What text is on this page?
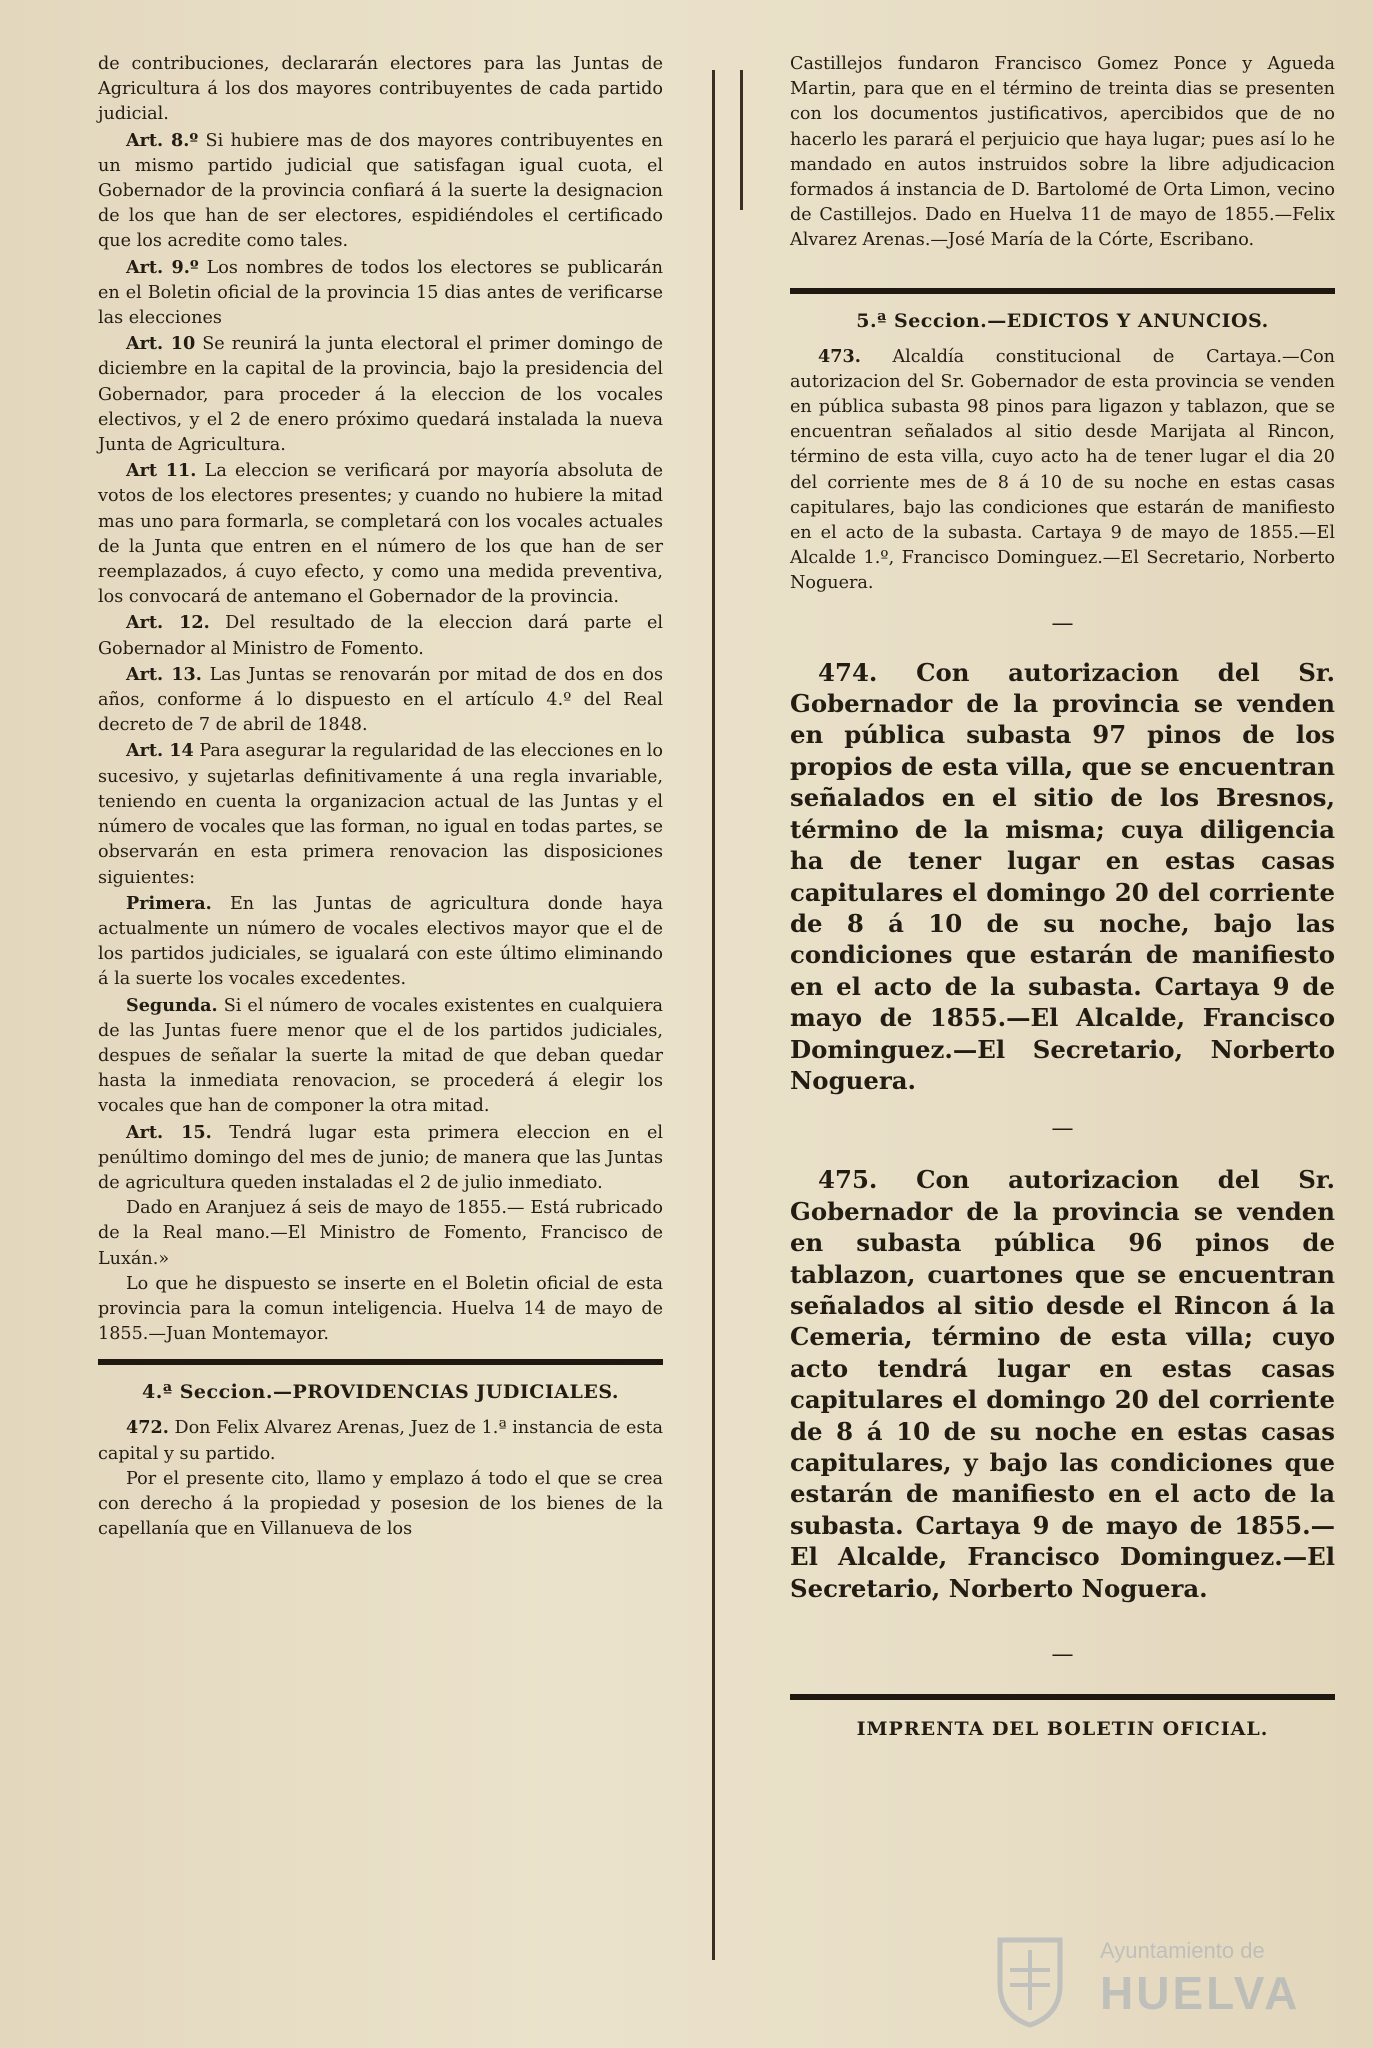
de contribuciones, declararán electores para las Juntas de Agricultura á los dos mayores contribuyentes de cada partido judicial.

Art. 8.º Si hubiere mas de dos mayores contribuyentes en un mismo partido judicial que satisfagan igual cuota, el Gobernador de la provincia confiará á la suerte la designacion de los que han de ser electores, espidiéndoles el certificado que los acredite como tales.

Art. 9.º Los nombres de todos los electores se publicarán en el Boletin oficial de la provincia 15 dias antes de verificarse las elecciones

Art. 10 Se reunirá la junta electoral el primer domingo de diciembre en la capital de la provincia, bajo la presidencia del Gobernador, para proceder á la eleccion de los vocales electivos, y el 2 de enero próximo quedará instalada la nueva Junta de Agricultura.

Art 11. La eleccion se verificará por mayoría absoluta de votos de los electores presentes; y cuando no hubiere la mitad mas uno para formarla, se completará con los vocales actuales de la Junta que entren en el número de los que han de ser reemplazados, á cuyo efecto, y como una medida preventiva, los convocará de antemano el Gobernador de la provincia.

Art. 12. Del resultado de la eleccion dará parte el Gobernador al Ministro de Fomento.

Art. 13. Las Juntas se renovarán por mitad de dos en dos años, conforme á lo dispuesto en el artículo 4.º del Real decreto de 7 de abril de 1848.

Art. 14 Para asegurar la regularidad de las elecciones en lo sucesivo, y sujetarlas definitivamente á una regla invariable, teniendo en cuenta la organizacion actual de las Juntas y el número de vocales que las forman, no igual en todas partes, se observarán en esta primera renovacion las disposiciones siguientes:

Primera. En las Juntas de agricultura donde haya actualmente un número de vocales electivos mayor que el de los partidos judiciales, se igualará con este último eliminando á la suerte los vocales excedentes.

Segunda. Si el número de vocales existentes en cualquiera de las Juntas fuere menor que el de los partidos judiciales, despues de señalar la suerte la mitad de que deban quedar hasta la inmediata renovacion, se procederá á elegir los vocales que han de componer la otra mitad.

Art. 15. Tendrá lugar esta primera eleccion en el penúltimo domingo del mes de junio; de manera que las Juntas de agricultura queden instaladas el 2 de julio inmediato.

Dado en Aranjuez á seis de mayo de 1855.— Está rubricado de la Real mano.—El Ministro de Fomento, Francisco de Luxán.»

Lo que he dispuesto se inserte en el Boletin oficial de esta provincia para la comun inteligencia. Huelva 14 de mayo de 1855.—Juan Montemayor.

4.ª Seccion.—PROVIDENCIAS JUDICIALES.

472. Don Felix Alvarez Arenas, Juez de 1.ª instancia de esta capital y su partido.

Por el presente cito, llamo y emplazo á todo el que se crea con derecho á la propiedad y posesion de los bienes de la capellanía que en Villanueva de los

Castillejos fundaron Francisco Gomez Ponce y Agueda Martin, para que en el término de treinta dias se presenten con los documentos justificativos, apercibidos que de no hacerlo les parará el perjuicio que haya lugar; pues así lo he mandado en autos instruidos sobre la libre adjudicacion formados á instancia de D. Bartolomé de Orta Limon, vecino de Castillejos. Dado en Huelva 11 de mayo de 1855.—Felix Alvarez Arenas.—José María de la Córte, Escribano.

5.ª Seccion.—EDICTOS Y ANUNCIOS.

473. Alcaldía constitucional de Cartaya.—Con autorizacion del Sr. Gobernador de esta provincia se venden en pública subasta 98 pinos para ligazon y tablazon, que se encuentran señalados al sitio desde Marijata al Rincon, término de esta villa, cuyo acto ha de tener lugar el dia 20 del corriente mes de 8 á 10 de su noche en estas casas capitulares, bajo las condiciones que estarán de manifiesto en el acto de la subasta. Cartaya 9 de mayo de 1855.—El Alcalde 1.º, Francisco Dominguez.—El Secretario, Norberto Noguera.

—

474. Con autorizacion del Sr. Gobernador de la provincia se venden en pública subasta 97 pinos de los propios de esta villa, que se encuentran señalados en el sitio de los Bresnos, término de la misma; cuya diligencia ha de tener lugar en estas casas capitulares el domingo 20 del corriente de 8 á 10 de su noche, bajo las condiciones que estarán de manifiesto en el acto de la subasta. Cartaya 9 de mayo de 1855.—El Alcalde, Francisco Dominguez.—El Secretario, Norberto Noguera.

—

475. Con autorizacion del Sr. Gobernador de la provincia se venden en subasta pública 96 pinos de tablazon, cuartones que se encuentran señalados al sitio desde el Rincon á la Cemeria, término de esta villa; cuyo acto tendrá lugar en estas casas capitulares el domingo 20 del corriente de 8 á 10 de su noche en estas casas capitulares, y bajo las condiciones que estarán de manifiesto en el acto de la subasta. Cartaya 9 de mayo de 1855.—El Alcalde, Francisco Dominguez.—El Secretario, Norberto Noguera.

—
IMPRENTA DEL BOLETIN OFICIAL.
Ayuntamiento de
HUELVA
